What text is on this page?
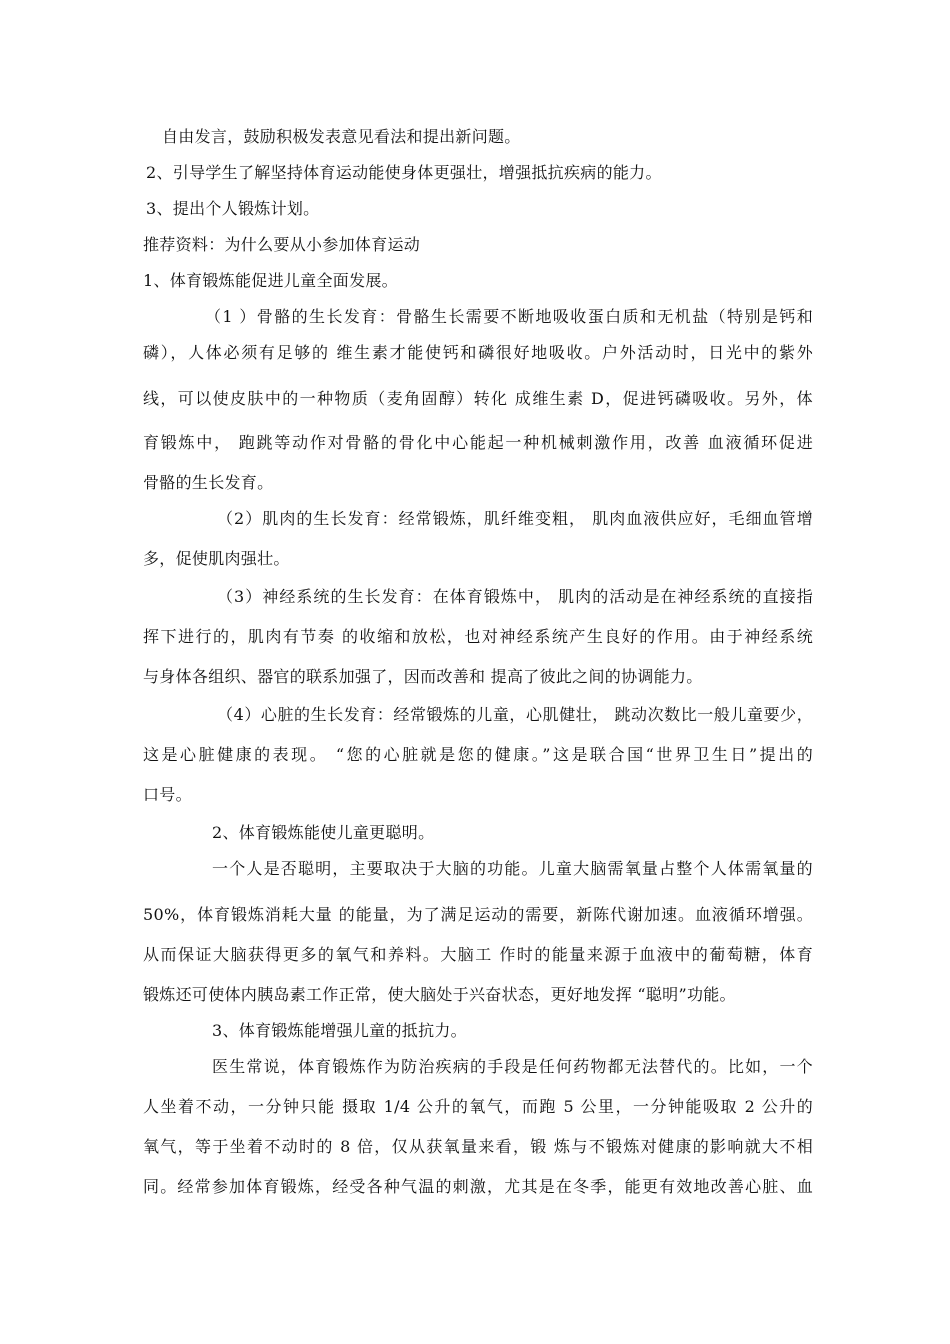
自由发言，鼓励积极发表意见看法和提出新问题。
2、引导学生了解坚持体育运动能使身体更强壮，增强抵抗疾病的能力。
3、提出个人锻炼计划。
推荐资料：为什么要从小参加体育运动
1、体育锻炼能促进儿童全面发展。
（1 ）骨骼的生长发育：骨骼生长需要不断地吸收蛋白质和无机盐（特别是钙和
磷），人体必须有足够的 维生素才能使钙和磷很好地吸收。户外活动时，日光中的紫外
线，可以使皮肤中的一种物质（麦角固醇）转化 成维生素 D，促进钙磷吸收。另外，体
育锻炼中， 跑跳等动作对骨骼的骨化中心能起一种机械刺激作用，改善 血液循环促进
骨骼的生长发育。
（2）肌肉的生长发育：经常锻炼，肌纤维变粗， 肌肉血液供应好，毛细血管增
多，促使肌肉强壮。
（3）神经系统的生长发育：在体育锻炼中， 肌肉的活动是在神经系统的直接指
挥下进行的，肌肉有节奏 的收缩和放松，也对神经系统产生良好的作用。由于神经系统
与身体各组织、器官的联系加强了，因而改善和 提高了彼此之间的协调能力。
（4）心脏的生长发育：经常锻炼的儿童，心肌健壮， 跳动次数比一般儿童要少，
这是心脏健康的表现。 “您的心脏就是您的健康。”这是联合国“世界卫生日”提出的
口号。
2、体育锻炼能使儿童更聪明。
一个人是否聪明，主要取决于大脑的功能。儿童大脑需氧量占整个人体需氧量的
50%，体育锻炼消耗大量 的能量，为了满足运动的需要，新陈代谢加速。血液循环增强。
从而保证大脑获得更多的氧气和养料。大脑工 作时的能量来源于血液中的葡萄糖，体育
锻炼还可使体内胰岛素工作正常，使大脑处于兴奋状态，更好地发挥 “聪明”功能。
3、体育锻炼能增强儿童的抵抗力。
医生常说，体育锻炼作为防治疾病的手段是任何药物都无法替代的。比如，一个
人坐着不动，一分钟只能 摄取 1/4 公升的氧气，而跑 5 公里，一分钟能吸取 2 公升的
氧气，等于坐着不动时的 8 倍，仅从获氧量来看，锻 炼与不锻炼对健康的影响就大不相
同。经常参加体育锻炼，经受各种气温的刺激，尤其是在冬季，能更有效地改善心脏、血
